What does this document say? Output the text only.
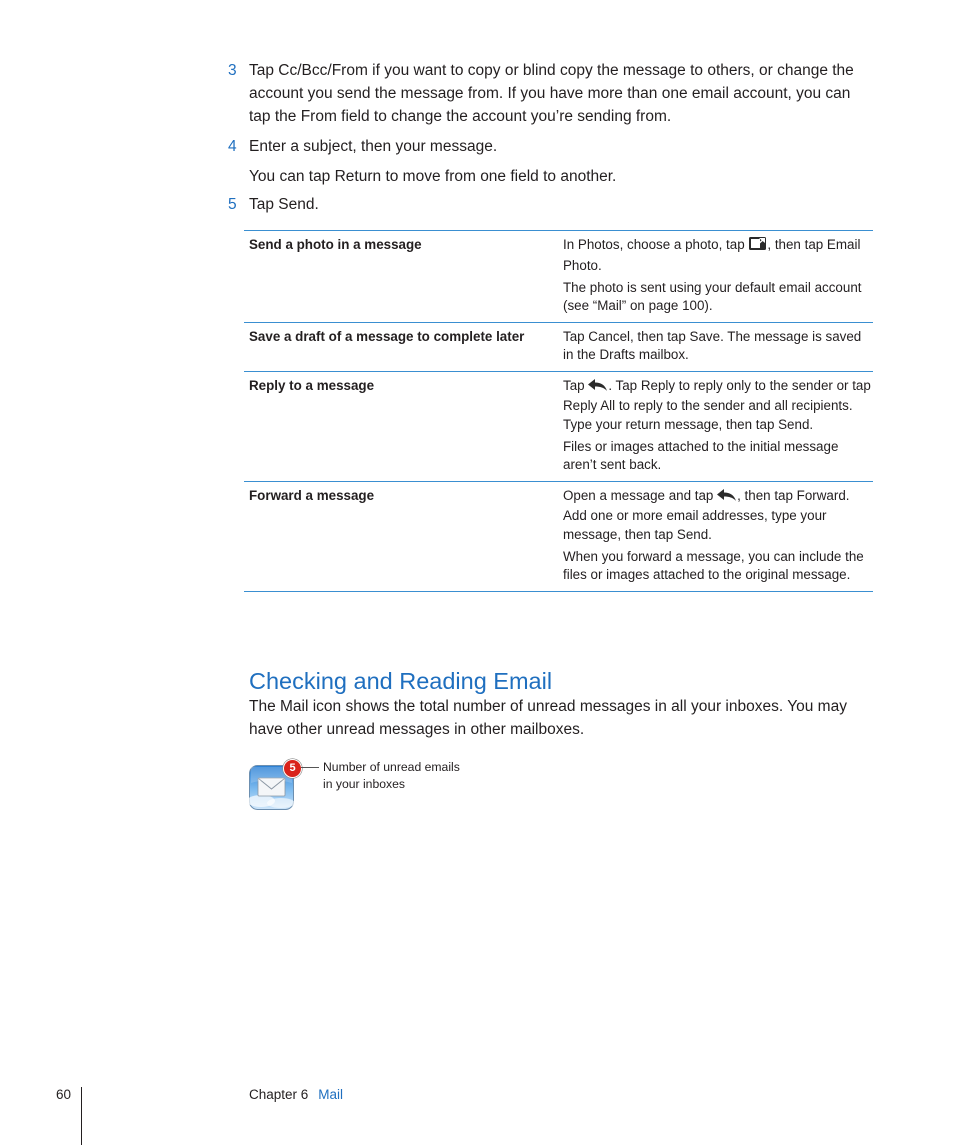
3 Tap Cc/Bcc/From if you want to copy or blind copy the message to others, or change the account you send the message from. If you have more than one email account, you can tap the From field to change the account you’re sending from.
4 Enter a subject, then your message.
You can tap Return to move from one field to another.
5 Tap Send.
Send a photo in a message	In Photos, choose a photo, tap , then tap Email Photo.

The photo is sent using your default email account (see “Mail” on page 100).

Save a draft of a message to complete later	Tap Cancel, then tap Save. The message is saved in the Drafts mailbox.

Reply to a message	Tap . Tap Reply to reply only to the sender or tap Reply All to reply to the sender and all recipients. Type your return message, then tap Send.

Files or images attached to the initial message aren’t sent back.

Forward a message	Open a message and tap , then tap Forward. Add one or more email addresses, type your message, then tap Send.

When you forward a message, you can include the files or images attached to the original message.

Checking and Reading Email
The Mail icon shows the total number of unread messages in all your inboxes. You may have other unread messages in other mailboxes.
5	Number of unread emails in your inboxes
60	Chapter 6 Mail
